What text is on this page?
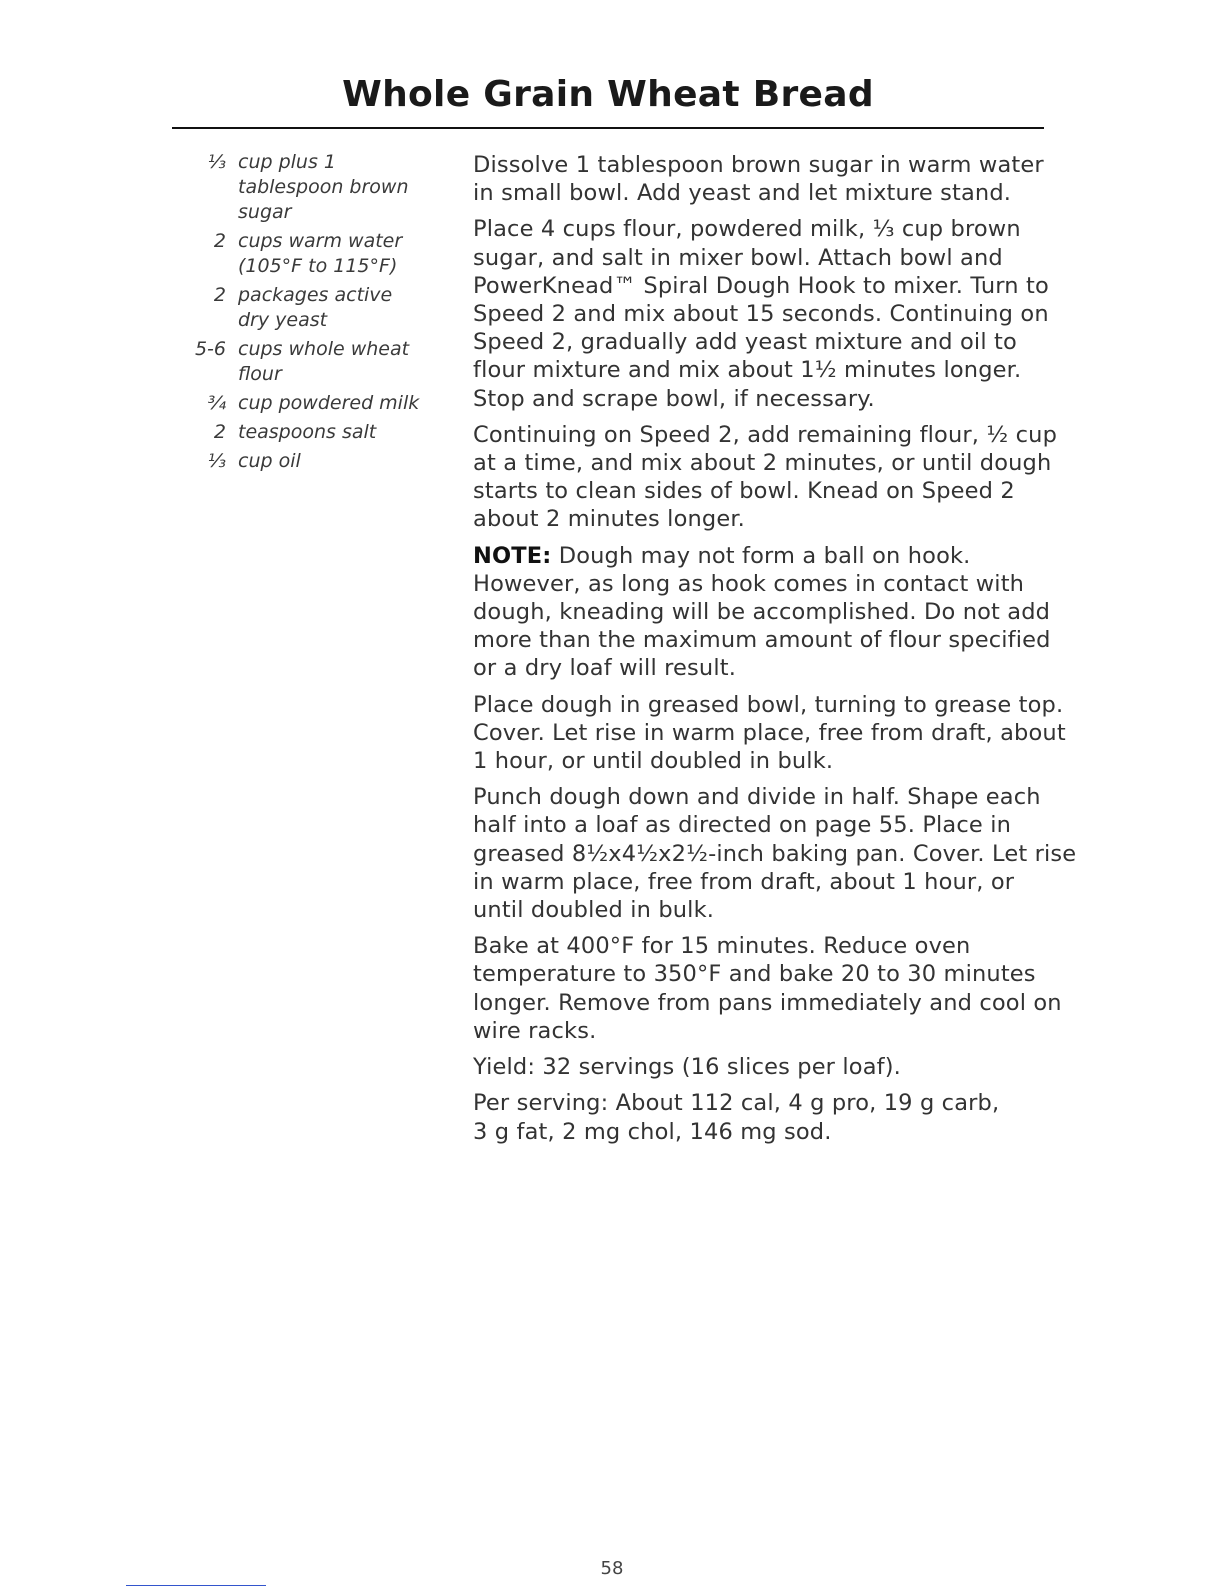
Whole Grain Wheat Bread
⅓ cup plus 1
tablespoon brown
sugar
2 cups warm water
(105°F to 115°F)
2 packages active
dry yeast
5-6 cups whole wheat
flour
¾ cup powdered milk
2 teaspoons salt
⅓ cup oil

Dissolve 1 tablespoon brown sugar in warm water
in small bowl. Add yeast and let mixture stand.

Place 4 cups flour, powdered milk, ⅓ cup brown
sugar, and salt in mixer bowl. Attach bowl and
PowerKnead™ Spiral Dough Hook to mixer. Turn to
Speed 2 and mix about 15 seconds. Continuing on
Speed 2, gradually add yeast mixture and oil to
flour mixture and mix about 1½ minutes longer.
Stop and scrape bowl, if necessary.

Continuing on Speed 2, add remaining flour, ½ cup
at a time, and mix about 2 minutes, or until dough
starts to clean sides of bowl. Knead on Speed 2
about 2 minutes longer.

NOTE: Dough may not form a ball on hook.
However, as long as hook comes in contact with
dough, kneading will be accomplished. Do not add
more than the maximum amount of flour specified
or a dry loaf will result.

Place dough in greased bowl, turning to grease top.
Cover. Let rise in warm place, free from draft, about
1 hour, or until doubled in bulk.

Punch dough down and divide in half. Shape each
half into a loaf as directed on page 55. Place in
greased 8½x4½x2½-inch baking pan. Cover. Let rise
in warm place, free from draft, about 1 hour, or
until doubled in bulk.

Bake at 400°F for 15 minutes. Reduce oven
temperature to 350°F and bake 20 to 30 minutes
longer. Remove from pans immediately and cool on
wire racks.

Yield: 32 servings (16 slices per loaf).

Per serving: About 112 cal, 4 g pro, 19 g carb,
3 g fat, 2 mg chol, 146 mg sod.

58
